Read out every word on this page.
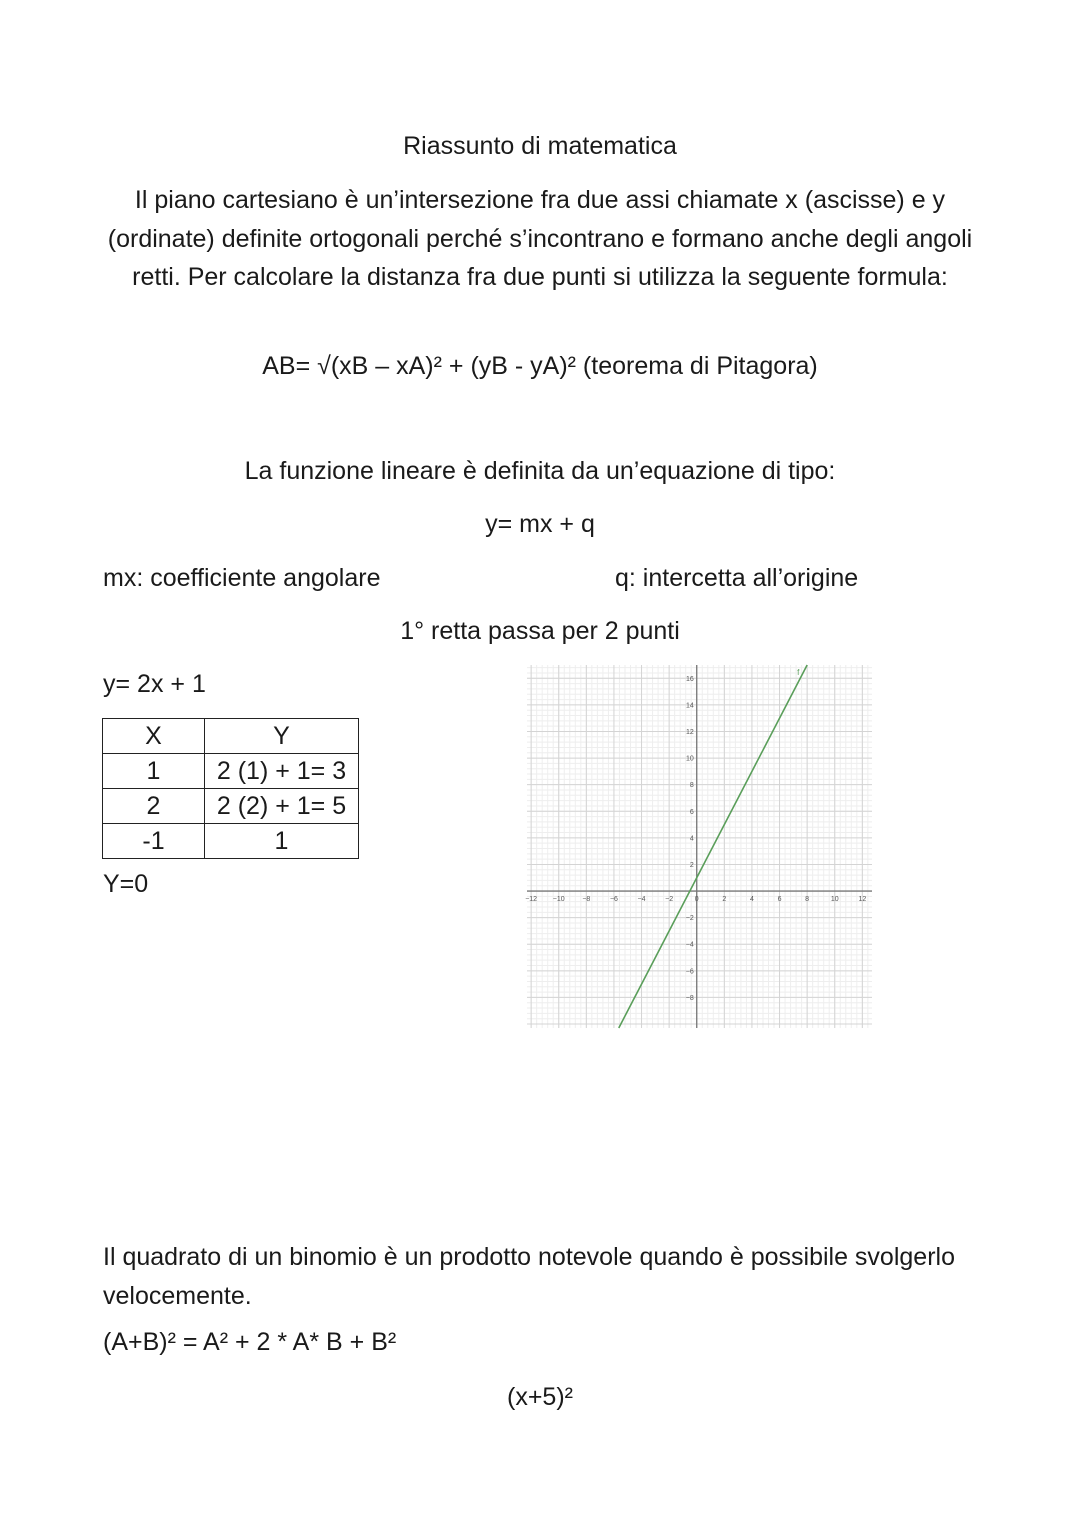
Riassunto di matematica
Il piano cartesiano è un’intersezione fra due assi chiamate x (ascisse) e y (ordinate) definite ortogonali perché s’incontrano e formano anche degli angoli retti. Per calcolare la distanza fra due punti si utilizza la seguente formula:
AB= √(xB – xA)² + (yB - yA)² (teorema di Pitagora)
La funzione lineare è definita da un’equazione di tipo:
y= mx + q
mx: coefficiente angolare	q: intercetta all’origine
1° retta passa per 2 punti
y= 2x + 1
X	Y
1	2 (1) + 1= 3
2	2 (2) + 1= 5
-1	1
Y=0
−12 −10	−8	−6	−4	−2	0	2	4	6	8	10	12
−8
−6
−4
−2
2
4
6
8
10
12
14
16
f
Il quadrato di un binomio è un prodotto notevole quando è possibile svolgerlo velocemente.
(A+B)² = A² + 2 * A* B + B²
(x+5)²
